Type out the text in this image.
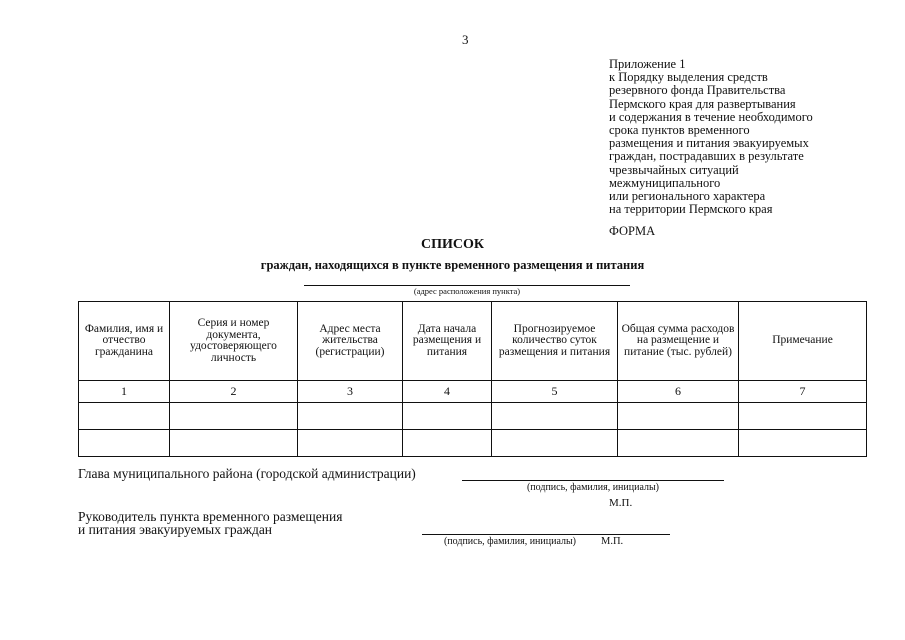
3
Приложение 1
к Порядку выделения средств
резервного фонда Правительства
Пермского края для развертывания
и содержания в течение необходимого
срока пунктов временного
размещения и питания эвакуируемых
граждан, пострадавших в результате
чрезвычайных ситуаций
межмуниципального
или регионального характера
на территории Пермского края
ФОРМА
СПИСОК
граждан, находящихся в пункте временного размещения и питания
(адрес расположения пункта)
Фамилия, имя и отчество гражданина	Серия и номер документа, удостоверяющего личность	Адрес места жительства (регистрации)	Дата начала размещения и питания	Прогнозируемое количество суток размещения и питания	Общая сумма расходов на размещение и питание (тыс. рублей)	Примечание
1	2	3	4	5	6	7

Глава муниципального района (городской администрации)
(подпись, фамилия, инициалы)
М.П.
Руководитель пункта временного размещения
и питания эвакуируемых граждан
(подпись, фамилия, инициалы)	М.П.
